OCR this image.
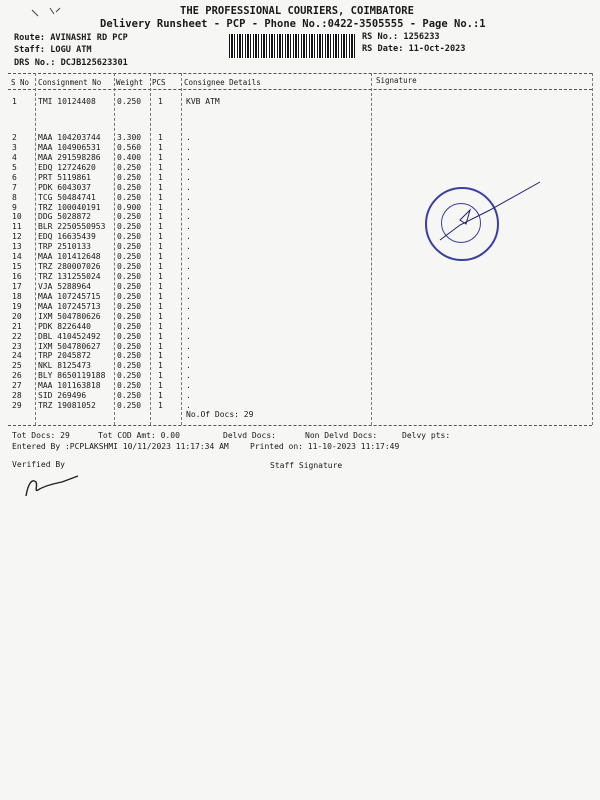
THE PROFESSIONAL COURIERS, COIMBATORE
Delivery Runsheet - PCP - Phone No.:0422-3505555 - Page No.:1
Route: AVINASHI RD PCP
Staff: LOGU ATM
DRS No.: DCJB125623301
RS No.: 1256233
RS Date: 11-Oct-2023
S No Consignment No Weight PCS Consignee Details	Signature
1	TMI 10124408	0.250 1	KVB ATM
2	MAA 104203744 3.300 1	.
3	MAA 104906531 0.560 1	.
4	MAA 291598286 0.400 1	.
5	EDQ 12724620	0.250 1	.
6	PRT 5119861	0.250 1	.
7	PDK 6043037	0.250 1	.
8	TCG 50484741	0.250 1	.
9	TRZ 100040191 0.900 1	.
10 DDG 5028872	0.250 1	.
11 BLR 2250550953 0.250 1	.
12 EDQ 16635439	0.250 1	.
13 TRP 2510133	0.250 1	.
14 MAA 101412648 0.250 1	.
15 TRZ 280007026 0.250 1	.
16 TRZ 131255024 0.250 1	.
17 VJA 5288964	0.250 1	.
18 MAA 107245715 0.250 1	.
19 MAA 107245713 0.250 1	.
20 IXM 504780626 0.250 1	.
21 PDK 8226440	0.250 1	.
22 DBL 410452492 0.250 1	.
23 IXM 504780627 0.250 1	.
24 TRP 2045872	0.250 1	.
25 NKL 8125473	0.250 1	.
26 BLY 8650119188 0.250 1	.
27 MAA 101163818 0.250 1	.
28 SID 269496	0.250 1	.
29 TRZ 19081052	0.250 1	.
No.Of Docs: 29
Tot Docs: 29	Tot COD Amt: 0.00	Delvd Docs:	Non Delvd Docs:	Delvy pts:
Entered By :PCPLAKSHMI 10/11/2023 11:17:34 AM	Printed on: 11-10-2023 11:17:49
Verified By	Staff Signature
